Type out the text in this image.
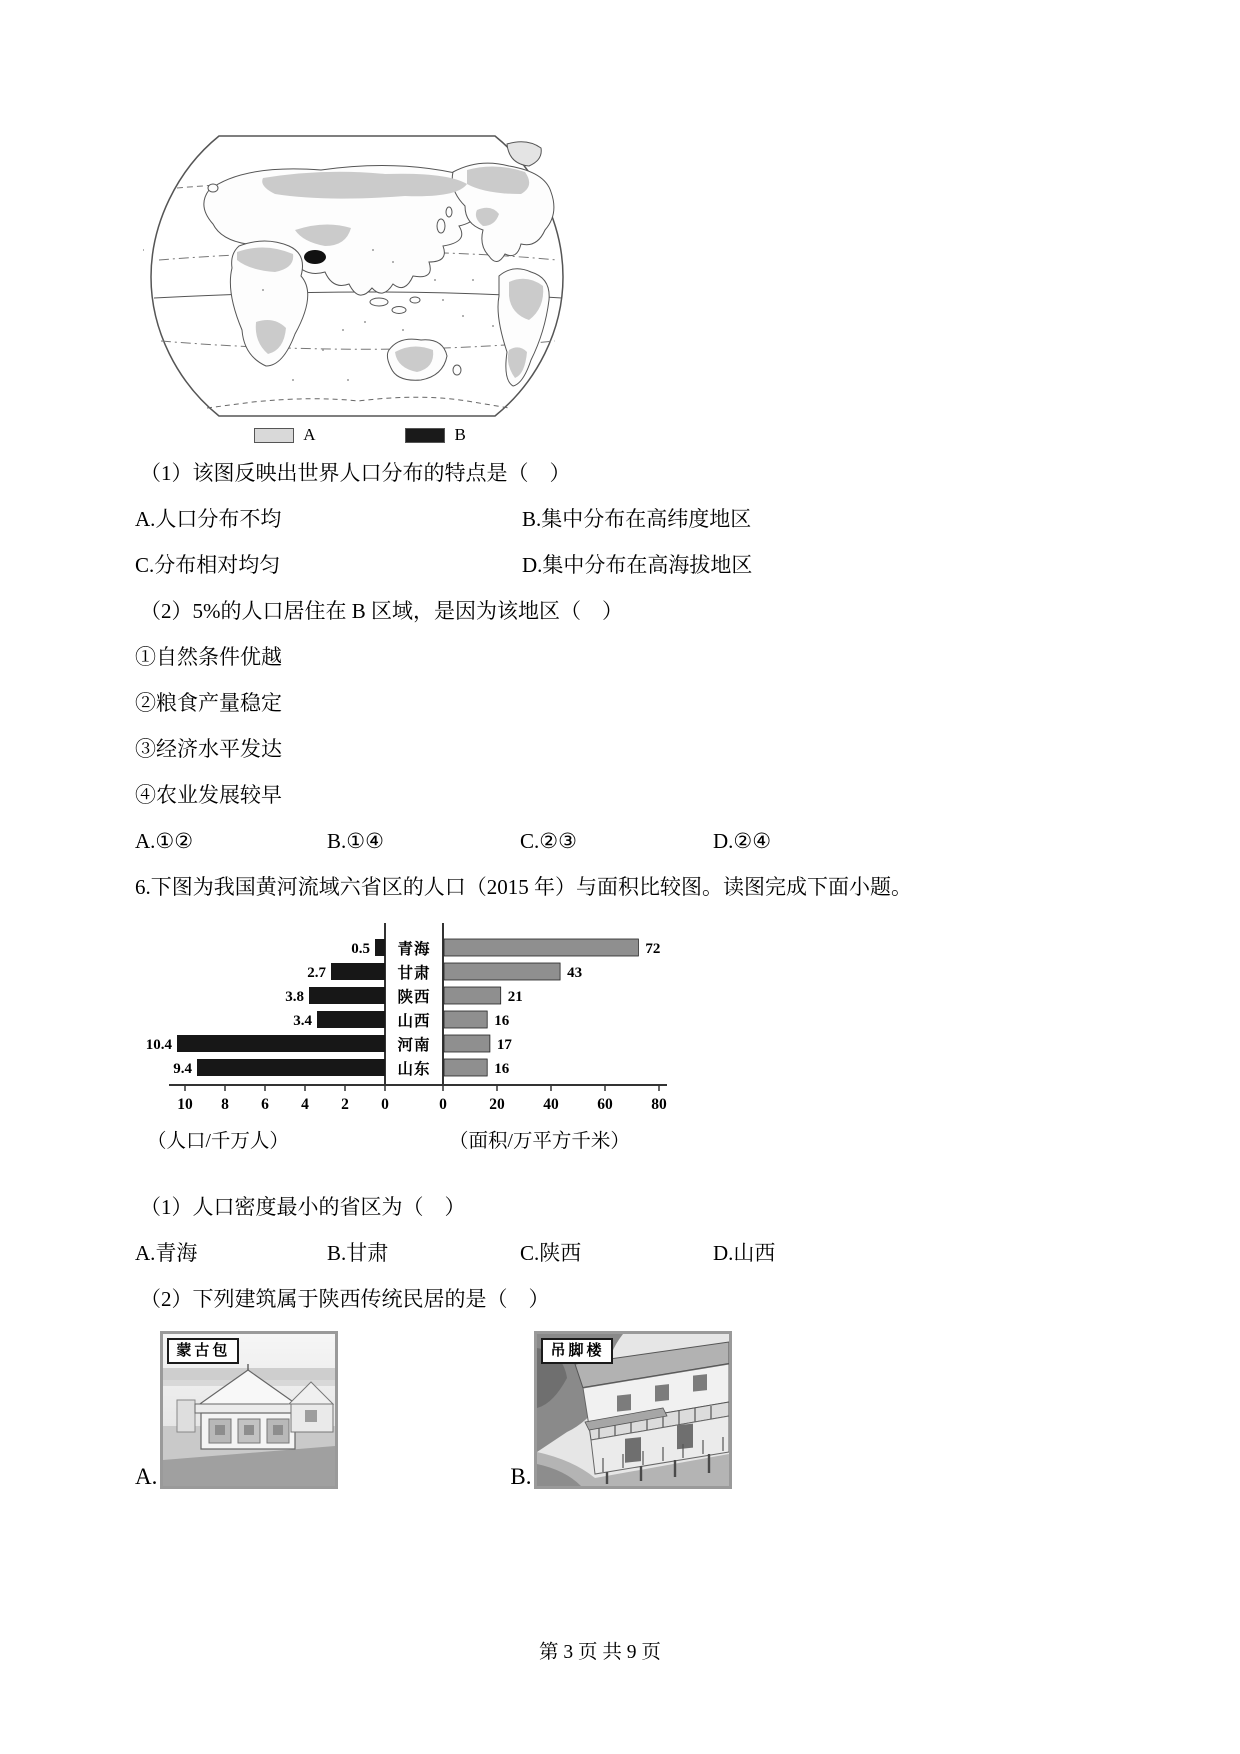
A	B

（1）该图反映出世界人口分布的特点是（　）

A.人口分布不均	B.集中分布在高纬度地区
C.分布相对均匀	D.集中分布在高海拔地区

（2）5%的人口居住在 B 区域，是因为该地区（　）

①自然条件优越

②粮食产量稳定

③经济水平发达

④农业发展较早

A.①②	B.①④	C.②③	D.②④

6.下图为我国黄河流域六省区的人口（2015 年）与面积比较图。读图完成下面小题。

0.5 青海	72
2.7	甘肃	43
3.8	陕西	21
3.4	山西	16
10.4	河南	17
9.4	山东	16
10 8 6 4 2 0	0	20 40 60 80
（人口/千万人）	（面积/万平方千米）

（1）人口密度最小的省区为（　）

A.青海	B.甘肃	C.陕西	D.山西

（2）下列建筑属于陕西传统民居的是（　）

A.
蒙古包
B.
吊脚楼
第 3 页 共 9 页
